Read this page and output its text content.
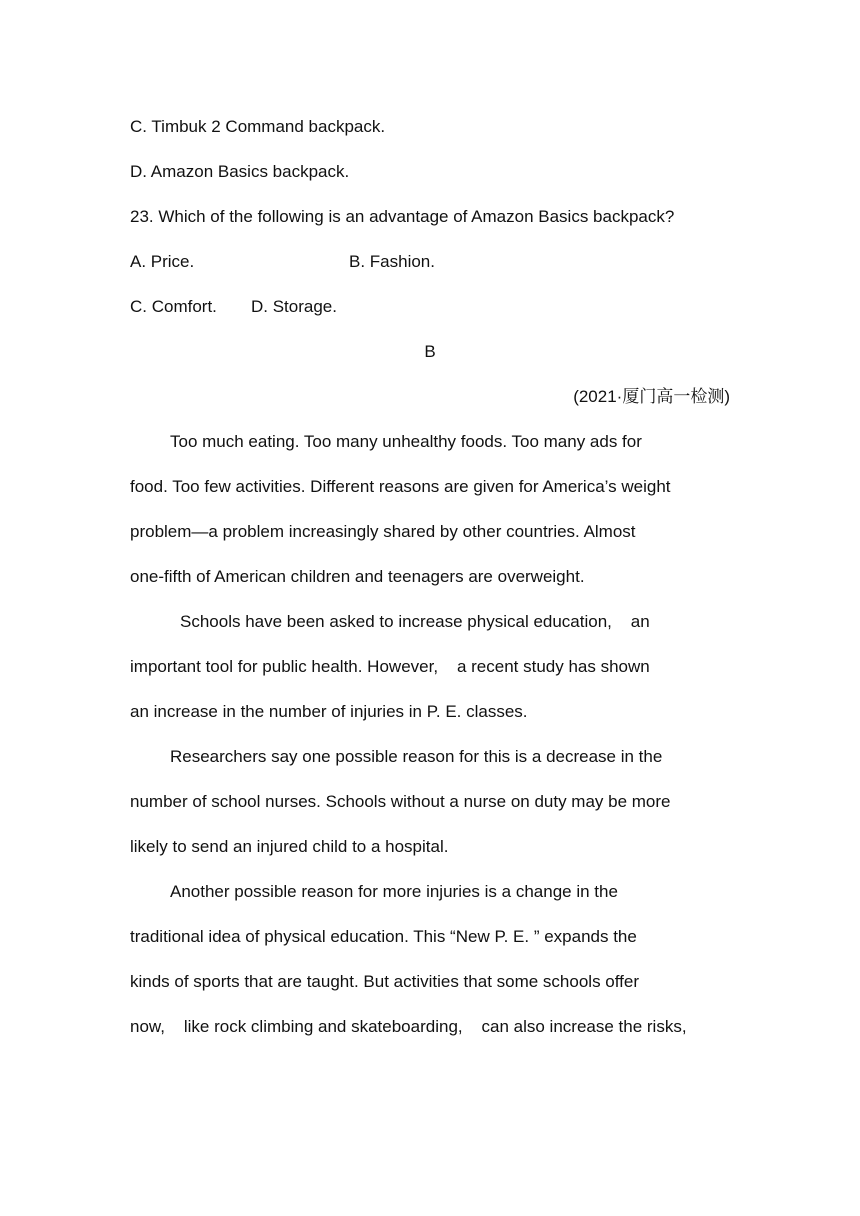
C. Timbuk 2 Command backpack.

D. Amazon Basics backpack.

23. Which of the following is an advantage of Amazon Basics backpack?

A. Price.	B. Fashion.
C. Comfort.	D. Storage.

B

(2021·厦门高一检测)

Too much eating. Too many unhealthy foods. Too many ads for

food. Too few activities. Different reasons are given for America’s weight

problem—a problem increasingly shared by other countries. Almost

one-fifth of American children and teenagers are overweight.

Schools have been asked to increase physical education,    an

important tool for public health. However,    a recent study has shown

an increase in the number of injuries in P. E. classes.

Researchers say one possible reason for this is a decrease in the

number of school nurses. Schools without a nurse on duty may be more

likely to send an injured child to a hospital.

Another possible reason for more injuries is a change in the

traditional idea of physical education. This “New P. E. ” expands the

kinds of sports that are taught. But activities that some schools offer

now,    like rock climbing and skateboarding,    can also increase the risks,
